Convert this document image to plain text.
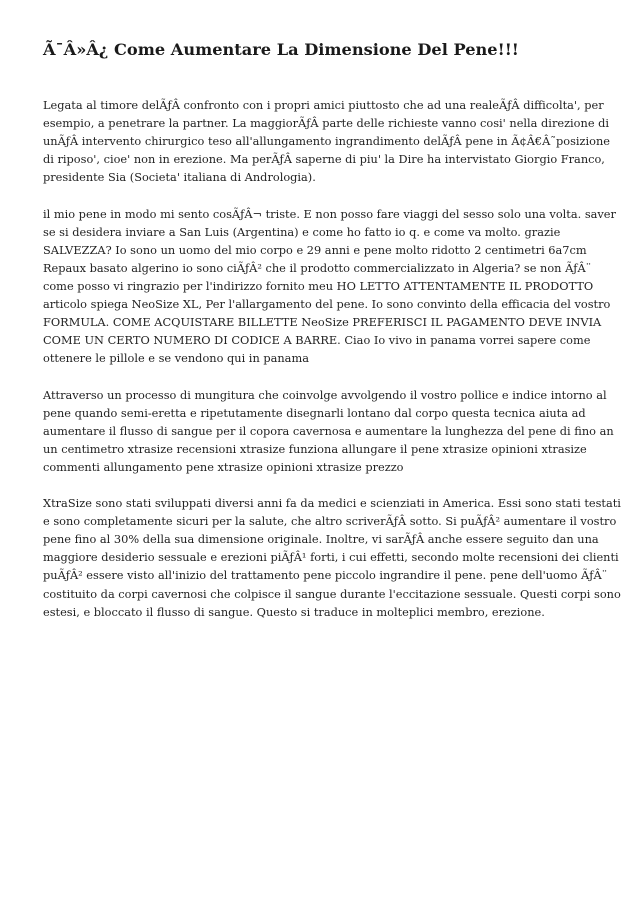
Ã¯Â»Â¿ Come Aumentare La Dimensione Del Pene!!!
Legata al timore delÃƒÂ confronto con i propri amici piuttosto che ad una realeÃƒÂ difficolta', per
esempio, a penetrare la partner. La maggiorÃƒÂ parte delle richieste vanno cosi' nella direzione di
unÃƒÂ intervento chirurgico teso all'allungamento ingrandimento delÃƒÂ pene in Ã¢Â€Â˜posizione
di riposo', cioe' non in erezione. Ma perÃƒÂ saperne di piu' la Dire ha intervistato Giorgio Franco,
presidente Sia (Societa' italiana di Andrologia).
il mio pene in modo mi sento cosÃƒÂ¬ triste. E non posso fare viaggi del sesso solo una volta. saver
se si desidera inviare a San Luis (Argentina) e come ho fatto io q. e come va molto. grazie
SALVEZZA? Io sono un uomo del mio corpo e 29 anni e pene molto ridotto 2 centimetri 6a7cm
Repaux basato algerino io sono ciÃƒÂ² che il prodotto commercializzato in Algeria? se non ÃƒÂ¨
come posso vi ringrazio per l'indirizzo fornito meu HO LETTO ATTENTAMENTE IL PRODOTTO
articolo spiega NeoSize XL, Per l'allargamento del pene. Io sono convinto della efficacia del vostro
FORMULA. COME ACQUISTARE BILLETTE NeoSize PREFERISCI IL PAGAMENTO DEVE INVIA
COME UN CERTO NUMERO DI CODICE A BARRE. Ciao Io vivo in panama vorrei sapere come
ottenere le pillole e se vendono qui in panama
Attraverso un processo di mungitura che coinvolge avvolgendo il vostro pollice e indice intorno al
pene quando semi-eretta e ripetutamente disegnarli lontano dal corpo questa tecnica aiuta ad
aumentare il flusso di sangue per il copora cavernosa e aumentare la lunghezza del pene di fino an
un centimetro xtrasize recensioni xtrasize funziona allungare il pene xtrasize opinioni xtrasize
commenti allungamento pene xtrasize opinioni xtrasize prezzo
XtraSize sono stati sviluppati diversi anni fa da medici e scienziati in America. Essi sono stati testati
e sono completamente sicuri per la salute, che altro scriverÃƒÂ sotto. Si puÃƒÂ² aumentare il vostro
pene fino al 30% della sua dimensione originale. Inoltre, vi sarÃƒÂ anche essere seguito dan una
maggiore desiderio sessuale e erezioni piÃƒÂ¹ forti, i cui effetti, secondo molte recensioni dei clienti
puÃƒÂ² essere visto all'inizio del trattamento pene piccolo ingrandire il pene. pene dell'uomo ÃƒÂ¨
costituito da corpi cavernosi che colpisce il sangue durante l'eccitazione sessuale. Questi corpi sono
estesi, e bloccato il flusso di sangue. Questo si traduce in molteplici membro, erezione.
